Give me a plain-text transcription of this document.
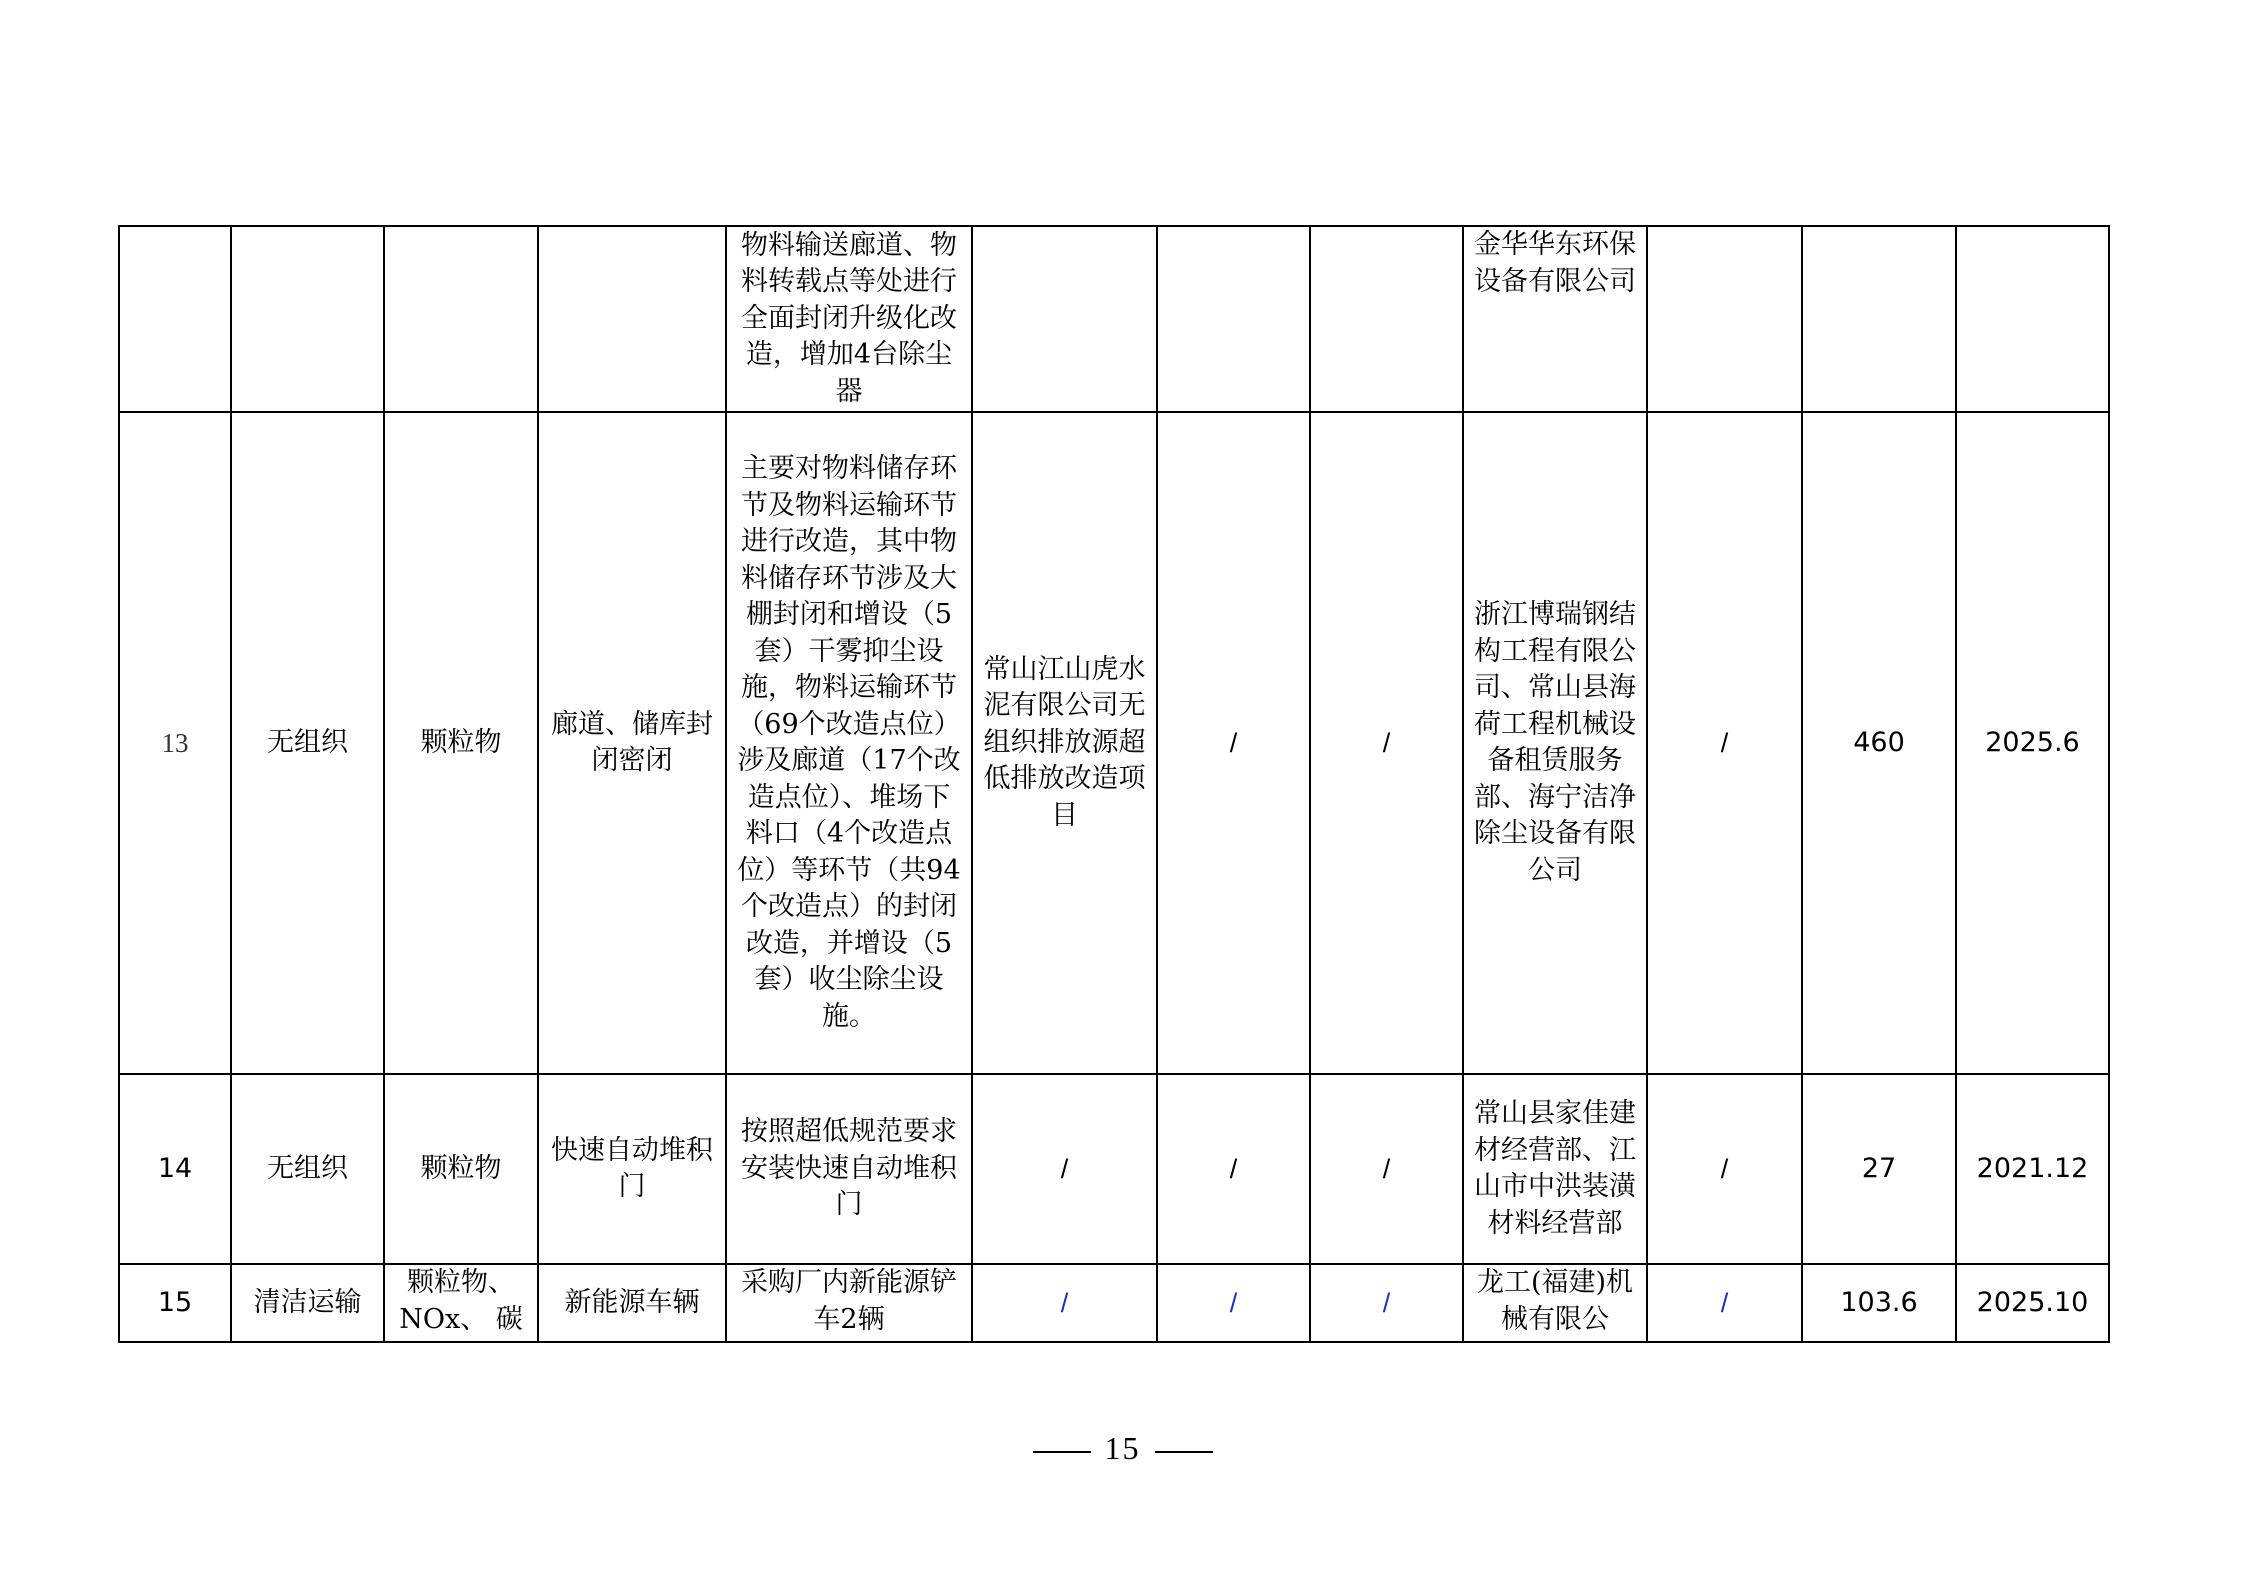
				物料输送廊道、物料转载点等处进行全面封闭升级化改造，增加4台除尘器				金华华东环保设备有限公司			
13	无组织	颗粒物	廊道、储库封闭密闭	主要对物料储存环节及物料运输环节进行改造，其中物料储存环节涉及大棚封闭和增设（5套）干雾抑尘设施，物料运输环节（69个改造点位）涉及廊道（17个改造点位）、堆场下料口（4个改造点位）等环节（共94个改造点）的封闭改造，并增设（5套）收尘除尘设施。	常山江山虎水泥有限公司无组织排放源超低排放改造项目	/	/	浙江博瑞钢结构工程有限公司、常山县海荷工程机械设备租赁服务部、海宁洁净除尘设备有限公司	/	460	2025.6
14	无组织	颗粒物	快速自动堆积门	按照超低规范要求安装快速自动堆积门	/	/	/	常山县家佳建材经营部、江山市中洪装潢材料经营部	/	27	2021.12
15	清洁运输	颗粒物、NOx、 碳	新能源车辆	采购厂内新能源铲车2辆	/	/	/	龙工(福建)机械有限公	/	103.6	2025.10
15
